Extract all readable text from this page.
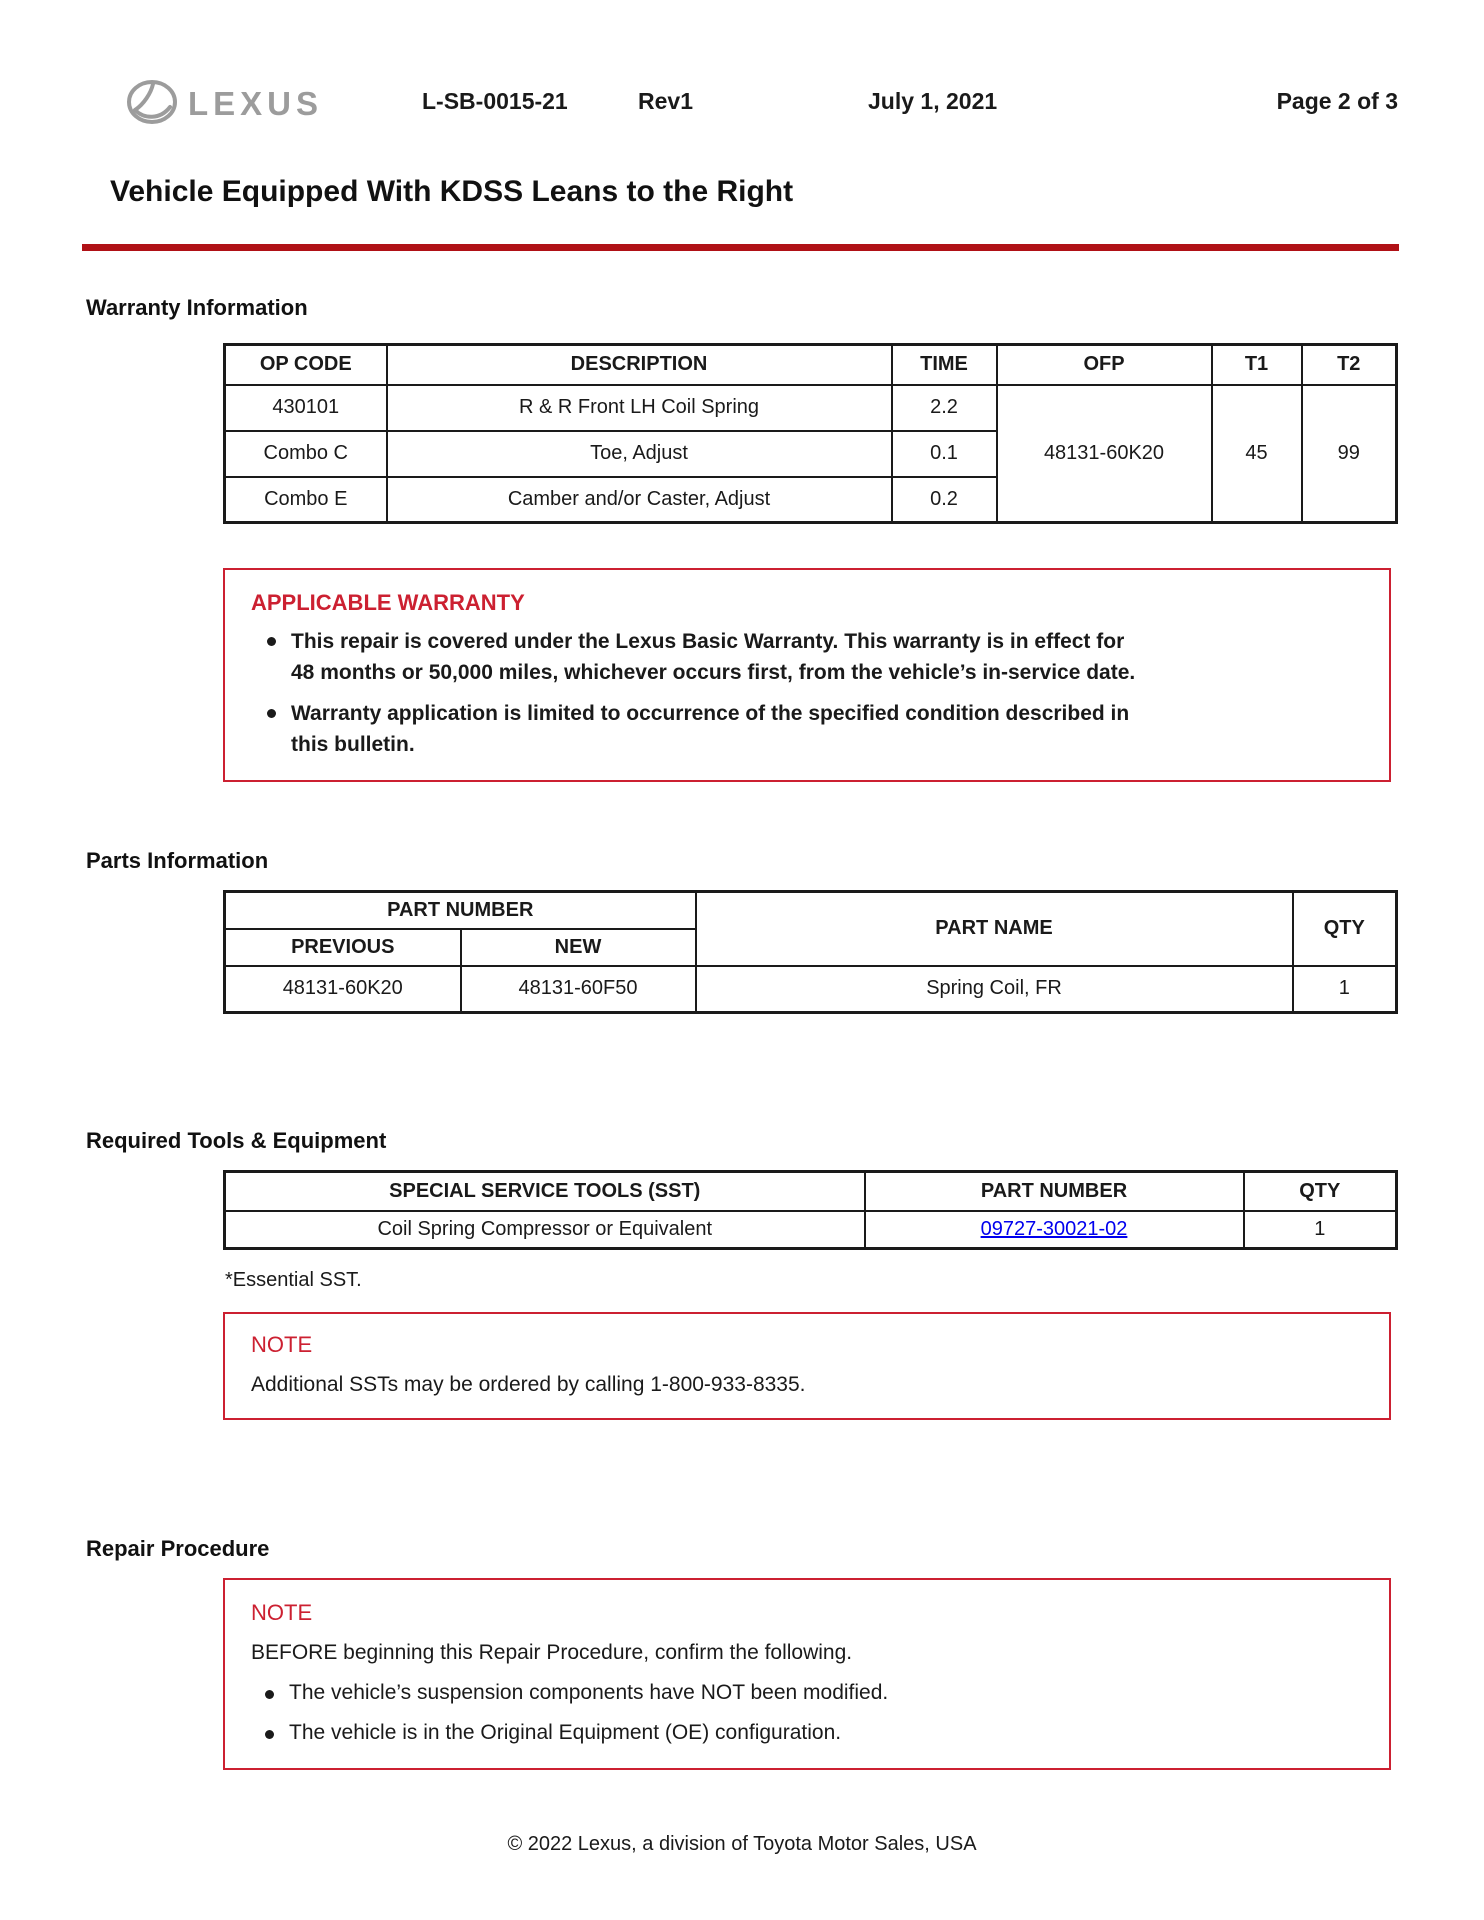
LEXUS	L-SB-0015-21	Rev1	July 1, 2021	Page 2 of 3
Vehicle Equipped With KDSS Leans to the Right
Warranty Information
OP CODE	DESCRIPTION	TIME	OFP	T1	T2
430101	R & R Front LH Coil Spring	2.2	48131-60K20	45	99
Combo C	Toe, Adjust	0.1			
Combo E	Camber and/or Caster, Adjust	0.2			
APPLICABLE WARRANTY
This repair is covered under the Lexus Basic Warranty. This warranty is in effect for
48 months or 50,000 miles, whichever occurs first, from the vehicle’s in-service date.
Warranty application is limited to occurrence of the specified condition described in
this bulletin.
Parts Information
PART NUMBER		PART NAME	QTY
PREVIOUS	NEW		
48131-60K20	48131-60F50	Spring Coil, FR	1
Required Tools & Equipment
SPECIAL SERVICE TOOLS (SST)	PART NUMBER	QTY
Coil Spring Compressor or Equivalent	09727-30021-02	1
*Essential SST.
NOTE
Additional SSTs may be ordered by calling 1-800-933-8335.
Repair Procedure
NOTE
BEFORE beginning this Repair Procedure, confirm the following.
The vehicle’s suspension components have NOT been modified.
The vehicle is in the Original Equipment (OE) configuration.
© 2022 Lexus, a division of Toyota Motor Sales, USA
